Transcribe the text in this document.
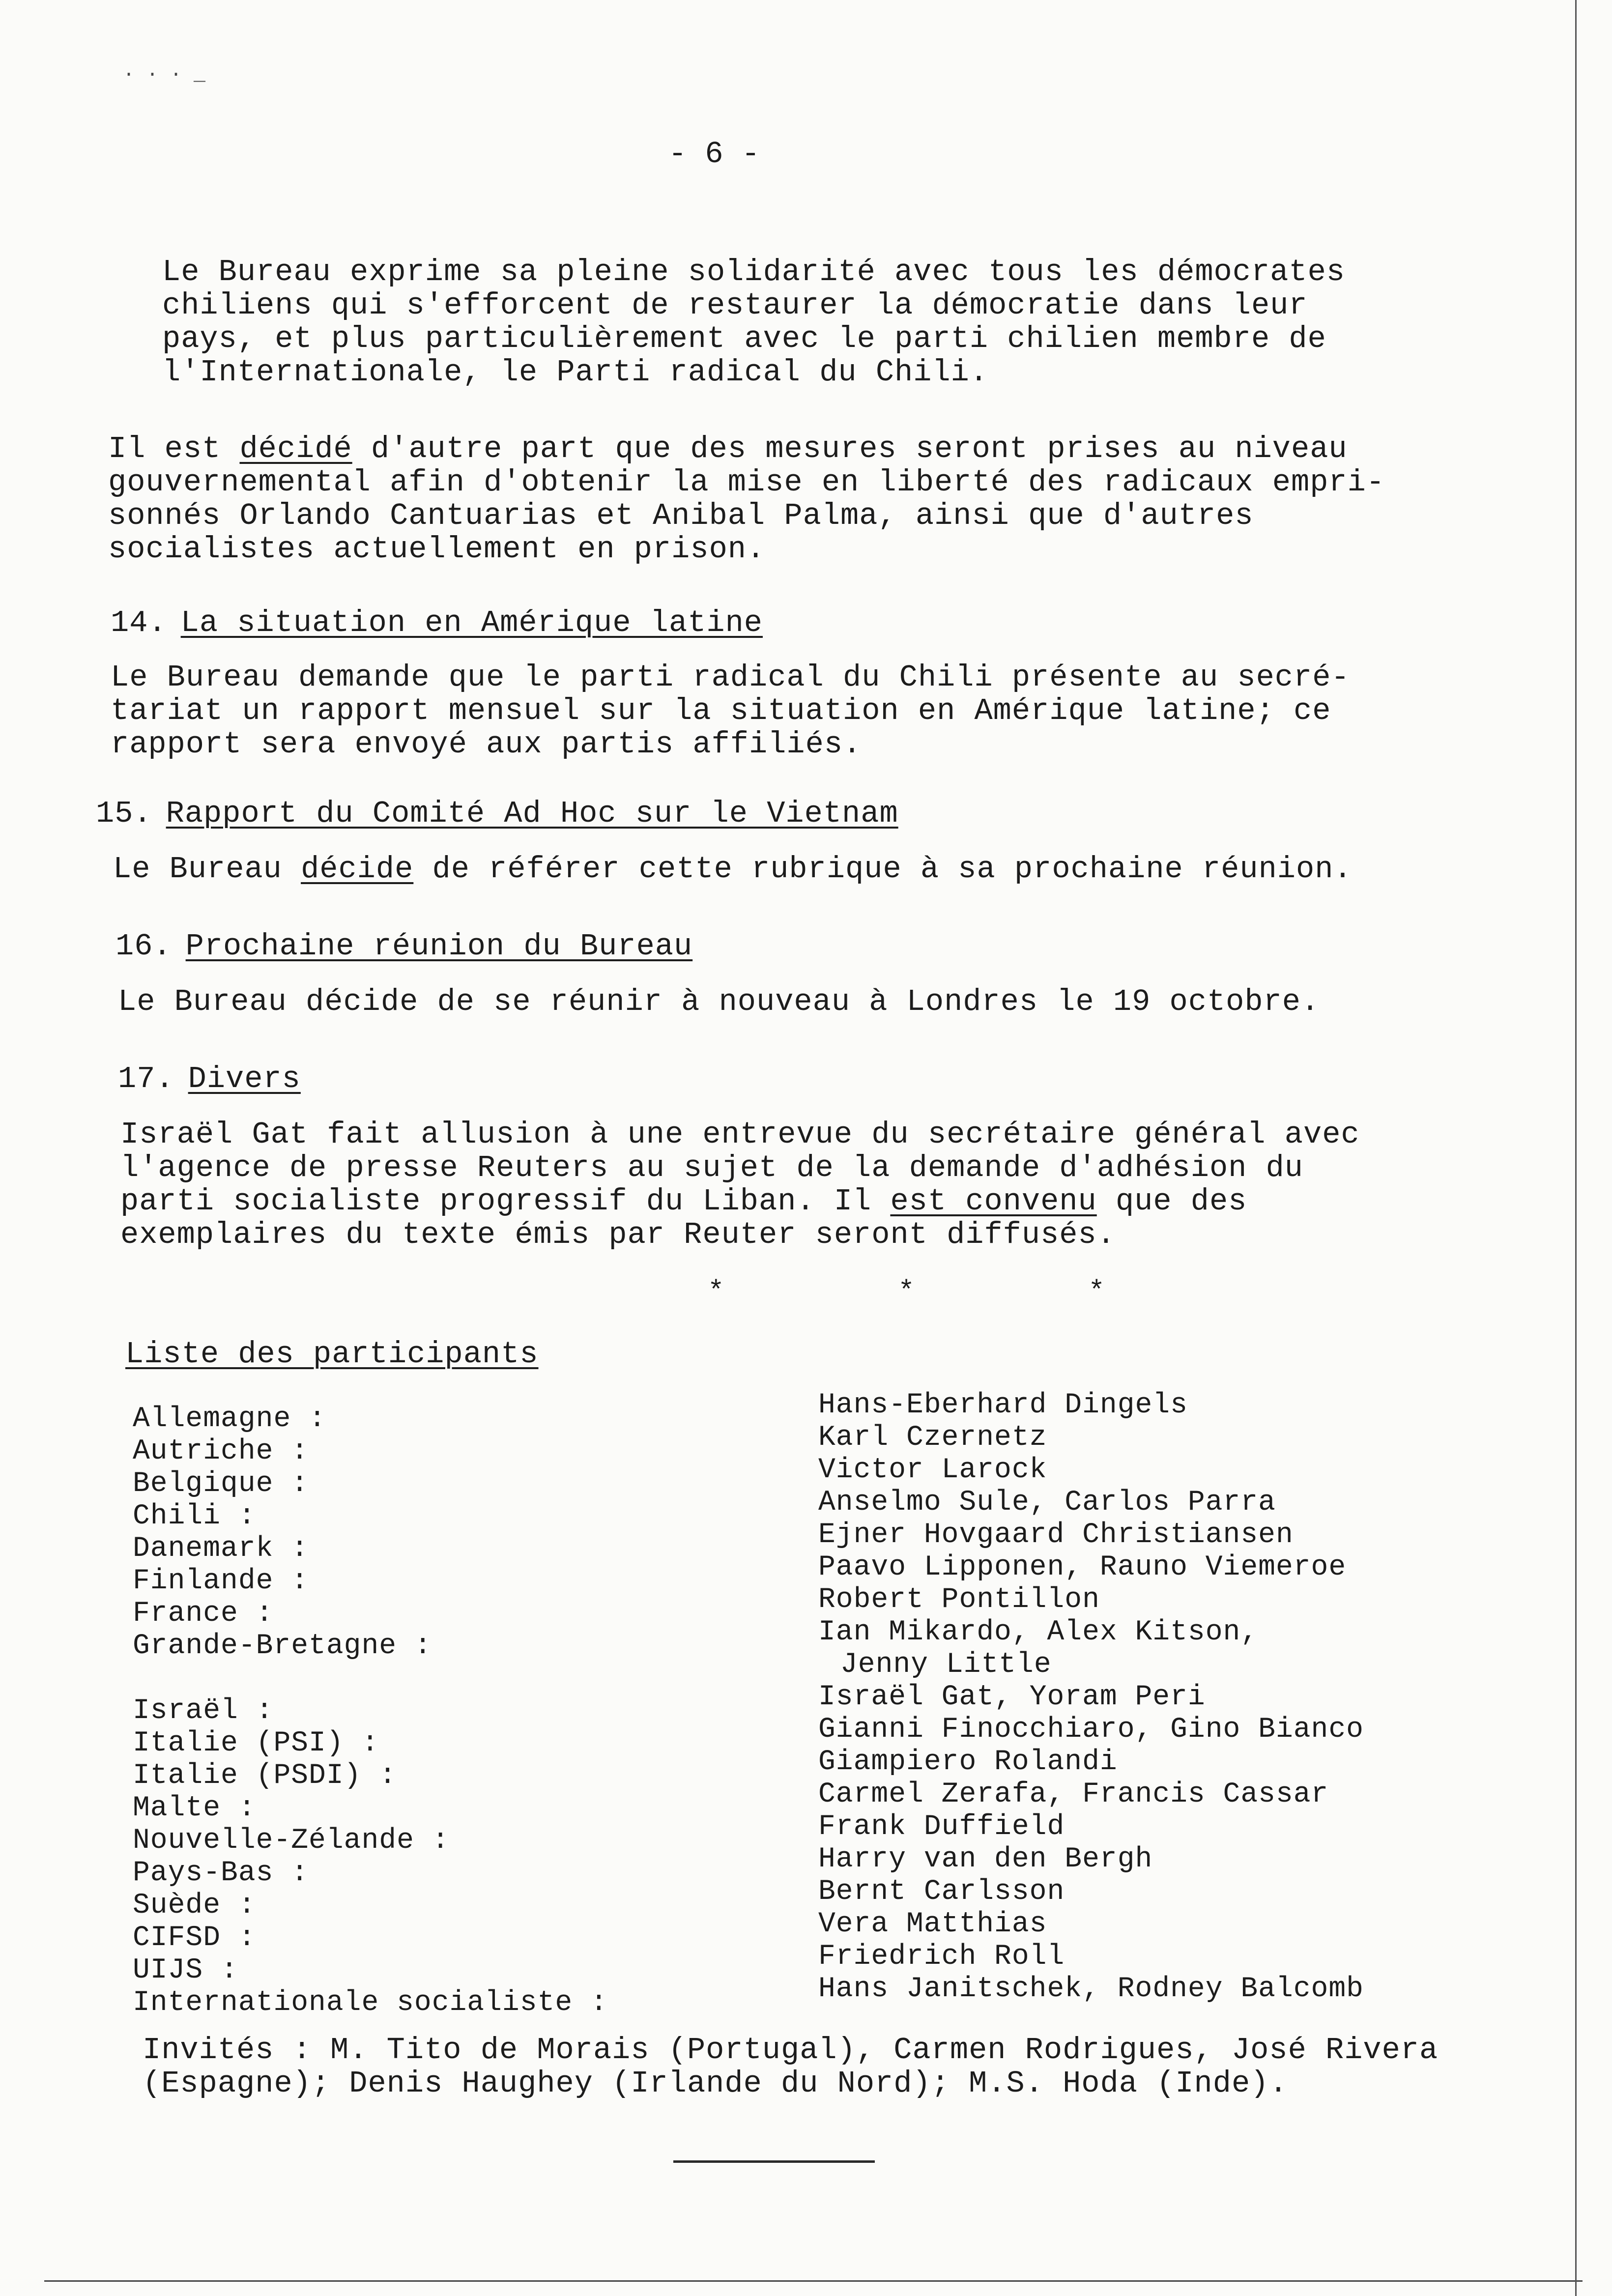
· · · _
- 6 -
Le Bureau exprime sa pleine solidarité avec tous les démocrates
chiliens qui s'efforcent de restaurer la démocratie dans leur
pays, et plus particulièrement avec le parti chilien membre de
l'Internationale, le Parti radical du Chili.
Il est décidé d'autre part que des mesures seront prises au niveau
gouvernemental afin d'obtenir la mise en liberté des radicaux empri-
sonnés Orlando Cantuarias et Anibal Palma, ainsi que d'autres
socialistes actuellement en prison.
14. La situation en Amérique latine
Le Bureau demande que le parti radical du Chili présente au secré-
tariat un rapport mensuel sur la situation en Amérique latine; ce
rapport sera envoyé aux partis affiliés.
15. Rapport du Comité Ad Hoc sur le Vietnam
Le Bureau décide de référer cette rubrique à sa prochaine réunion.
16. Prochaine réunion du Bureau
Le Bureau décide de se réunir à nouveau à Londres le 19 octobre.
17. Divers
Israël Gat fait allusion à une entrevue du secrétaire général avec
l'agence de presse Reuters au sujet de la demande d'adhésion du
parti socialiste progressif du Liban. Il est convenu que des
exemplaires du texte émis par Reuter seront diffusés.
* * *
Liste des participants
Allemagne :	Hans-Eberhard Dingels
Autriche :	Karl Czernetz
Belgique :	Victor Larock
Chili :	Anselmo Sule, Carlos Parra
Danemark :	Ejner Hovgaard Christiansen
Finlande :	Paavo Lipponen, Rauno Viemeroe
France :	Robert Pontillon
Grande-Bretagne :	Ian Mikardo, Alex Kitson,
Jenny Little
Israël :	Israël Gat, Yoram Peri
Italie (PSI) :	Gianni Finocchiaro, Gino Bianco
Italie (PSDI) :	Giampiero Rolandi
Malte :	Carmel Zerafa, Francis Cassar
Nouvelle-Zélande :	Frank Duffield
Pays-Bas :	Harry van den Bergh
Suède :	Bernt Carlsson
CIFSD :	Vera Matthias
UIJS :	Friedrich Roll
Internationale socialiste :	Hans Janitschek, Rodney Balcomb
Invités : M. Tito de Morais (Portugal), Carmen Rodrigues, José Rivera
(Espagne); Denis Haughey (Irlande du Nord); M.S. Hoda (Inde).
